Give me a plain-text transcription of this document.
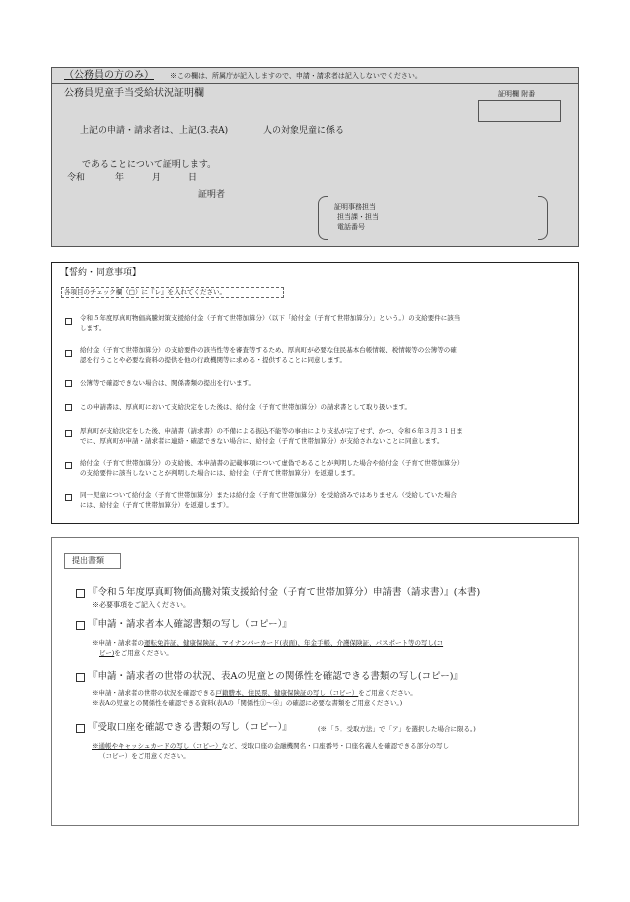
（公務員の方のみ） ※この欄は、所属庁が記入しますので、申請・請求者は記入しないでください。
公務員児童手当受給状況証明欄	証明欄 附番
上記の申請・請求者は、上記(3.表A)	人の対象児童に係る
であることについて証明します。
令和	年	月	日
証明者
証明事務担当
担当課・担当
電話番号
【誓約・同意事項】
各項目のチェック欄（□）に『レ』を入れてください。
令和５年度厚真町物価高騰対策支援給付金（子育て世帯加算分）（以下「給付金（子育て世帯加算分）」という。）の支給要件に該当
します。
給付金（子育て世帯加算分）の支給要件の該当性等を審査等するため、厚真町が必要な住民基本台帳情報、税情報等の公簿等の確
認を行うことや必要な資料の提供を他の行政機関等に求める・提供することに同意します。
公簿等で確認できない場合は、関係書類の提出を行います。
この申請書は、厚真町において支給決定をした後は、給付金（子育て世帯加算分）の請求書として取り扱います。
厚真町が支給決定をした後、申請書（請求書）の不備による振込不能等の事由により支払が完了せず、かつ、令和６年３月３１日ま
でに、厚真町が申請・請求者に連絡・確認できない場合に、給付金（子育て世帯加算分）が支給されないことに同意します。
給付金（子育て世帯加算分）の支給後、本申請書の記載事項について虚偽であることが判明した場合や給付金（子育て世帯加算分）
の支給要件に該当しないことが判明した場合には、給付金（子育て世帯加算分）を返還します。
同一児童について給付金（子育て世帯加算分）または給付金（子育て世帯加算分）を受給済みではありません（受給していた場合
には、給付金（子育て世帯加算分）を返還します）。
提出書類
『令和５年度厚真町物価高騰対策支援給付金（子育て世帯加算分）申請書（請求書）』(本書)
※必要事項をご記入ください。
『申請・請求者本人確認書類の写し（コピー）』
※申請・請求者の運転免許証、健康保険証、マイナンバーカード(表面)、年金手帳、介護保険証、パスポート等の写し(コ
ピー)をご用意ください。
『申請・請求者の世帯の状況、表Aの児童との関係性を確認できる書類の写し(コピー)』
※申請・請求者の世帯の状況を確認できる戸籍謄本、住民票、健康保険証の写し（コピー）をご用意ください。
※表Aの児童との関係性を確認できる資料(表Aの「関係性①～④」の確認に必要な書類をご用意ください。)
『受取口座を確認できる書類の写し（コピー）』	(※「５．受取方法」で「ア」を選択した場合に限る。)
※通帳やキャッシュカードの写し（コピー）など、受取口座の金融機関名・口座番号・口座名義人を確認できる部分の写し
（コピー）をご用意ください。
